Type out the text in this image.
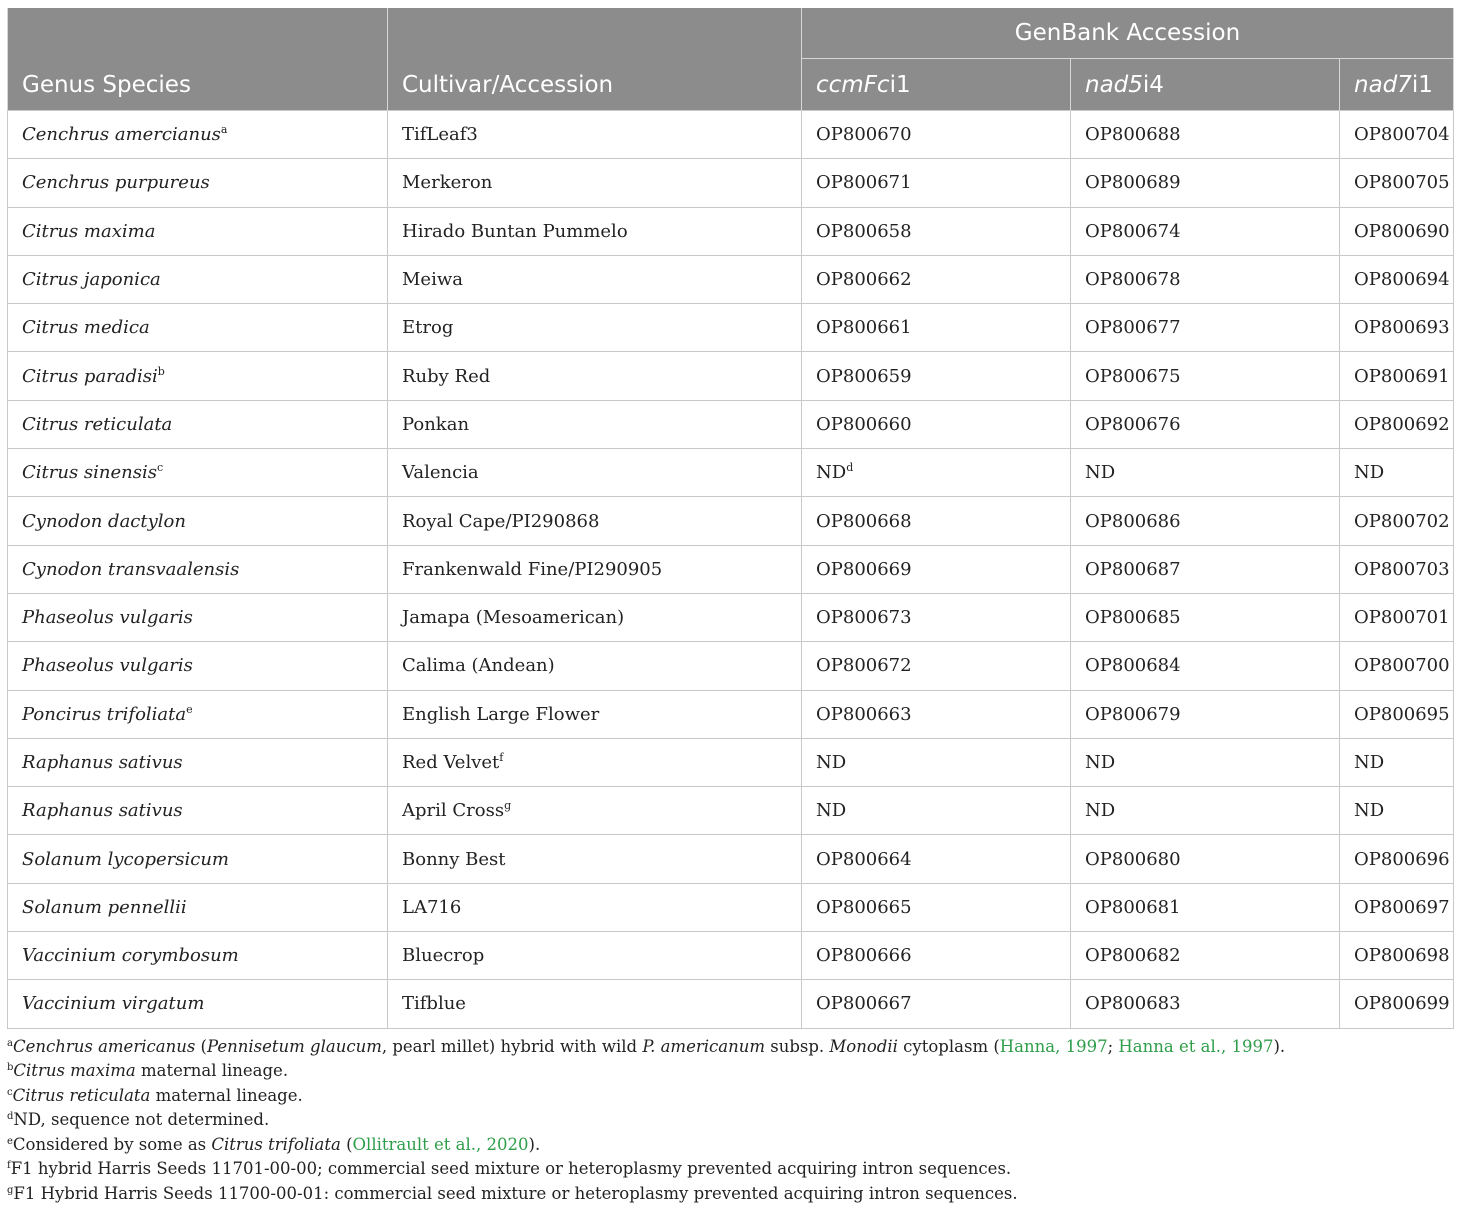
Genus Species	Cultivar/Accession	GenBank Accession		
		ccmFci1	nad5i4	nad7i1
Cenchrus amercianus$^a$	TifLeaf3	OP800670	OP800688	OP800704
Cenchrus purpureus	Merkeron	OP800671	OP800689	OP800705
Citrus maxima	Hirado Buntan Pummelo	OP800658	OP800674	OP800690
Citrus japonica	Meiwa	OP800662	OP800678	OP800694
Citrus medica	Etrog	OP800661	OP800677	OP800693
Citrus paradisi$^b$	Ruby Red	OP800659	OP800675	OP800691
Citrus reticulata	Ponkan	OP800660	OP800676	OP800692
Citrus sinensis$^c$	Valencia	$ND^d$	ND	ND
Cynodon dactylon	Royal Cape/PI290868	OP800668	OP800686	OP800702
Cynodon transvaalensis	Frankenwald Fine/PI290905	OP800669	OP800687	OP800703
Phaseolus vulgaris	Jamapa (Mesoamerican)	OP800673	OP800685	OP800701
Phaseolus vulgaris	Calima (Andean)	OP800672	OP800684	OP800700
Poncirus trifoliata$^e$	English Large Flower	OP800663	OP800679	OP800695
Raphanus sativus	Red Velvet$^f$	ND	ND	ND
Raphanus sativus	April Cross$^g$	ND	ND	ND
Solanum lycopersicum	Bonny Best	OP800664	OP800680	OP800696
Solanum pennellii	LA716	OP800665	OP800681	OP800697
Vaccinium corymbosum	Bluecrop	OP800666	OP800682	OP800698
Vaccinium virgatum	Tifblue	OP800667	OP800683	OP800699
$^a$Cenchrus americanus (Pennisetum glaucum, pearl millet) hybrid with wild P. americanum subsp. Monodii cytoplasm (Hanna, 1997; Hanna et al., 1997).
$^b$Citrus maxima maternal lineage.
$^c$Citrus reticulata maternal lineage.
$^d$ND, sequence not determined.
$^e$Considered by some as Citrus trifoliata (Ollitrault et al., 2020).
$^f$F1 hybrid Harris Seeds 11701-00-00; commercial seed mixture or heteroplasmy prevented acquiring intron sequences.
$^g$F1 Hybrid Harris Seeds 11700-00-01: commercial seed mixture or heteroplasmy prevented acquiring intron sequences.
